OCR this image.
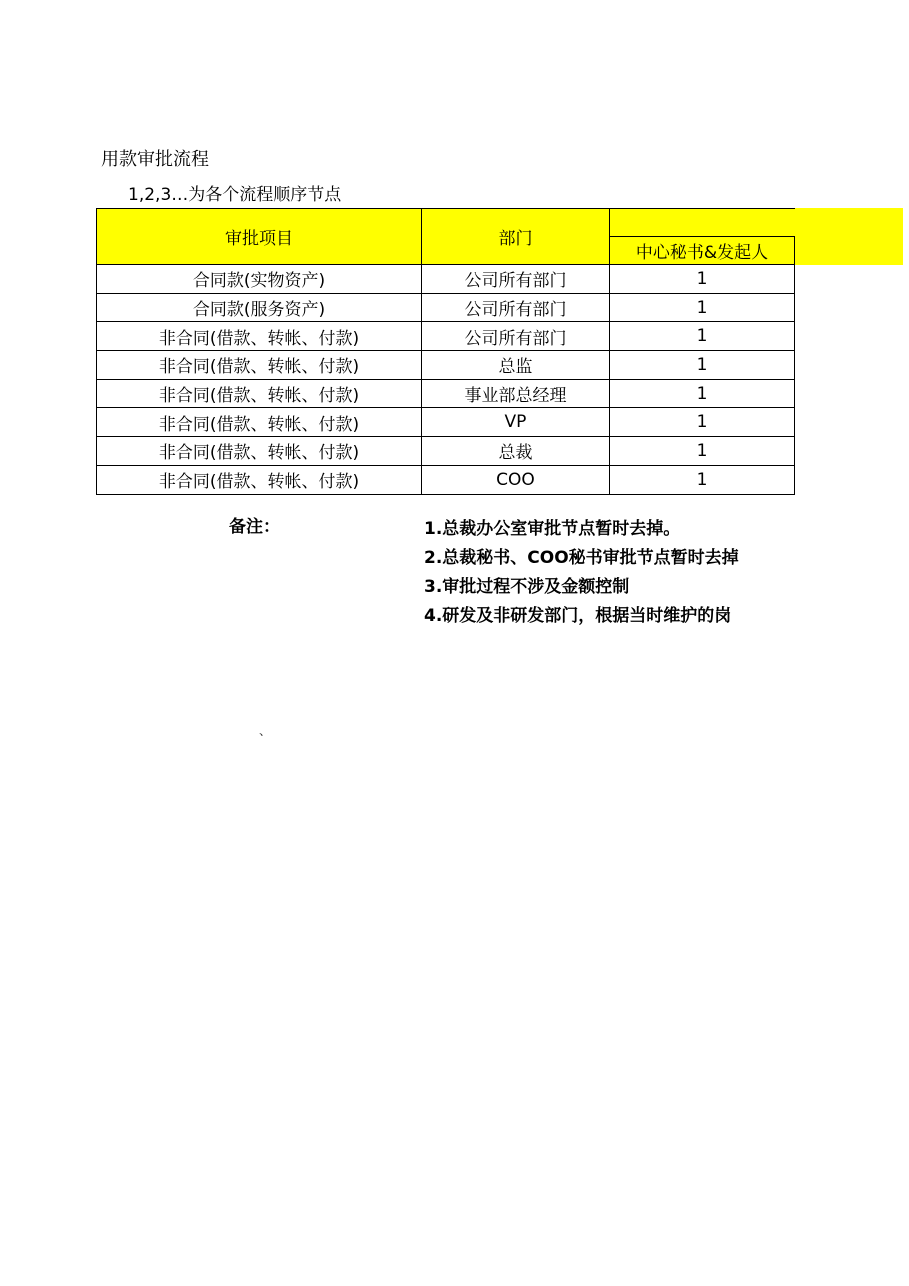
用款审批流程
1,2,3…为各个流程顺序节点
审批项目	部门	
		中心秘书&发起人
合同款(实物资产)	公司所有部门	1
合同款(服务资产)	公司所有部门	1
非合同(借款、转帐、付款)	公司所有部门	1
非合同(借款、转帐、付款)	总监	1
非合同(借款、转帐、付款)	事业部总经理	1
非合同(借款、转帐、付款)	VP	1
非合同(借款、转帐、付款)	总裁	1
非合同(借款、转帐、付款)	COO	1
备注：	1.总裁办公室审批节点暂时去掉。
2.总裁秘书、COO秘书审批节点暂时去掉
3.审批过程不涉及金额控制
4.研发及非研发部门，根据当时维护的岗
、
